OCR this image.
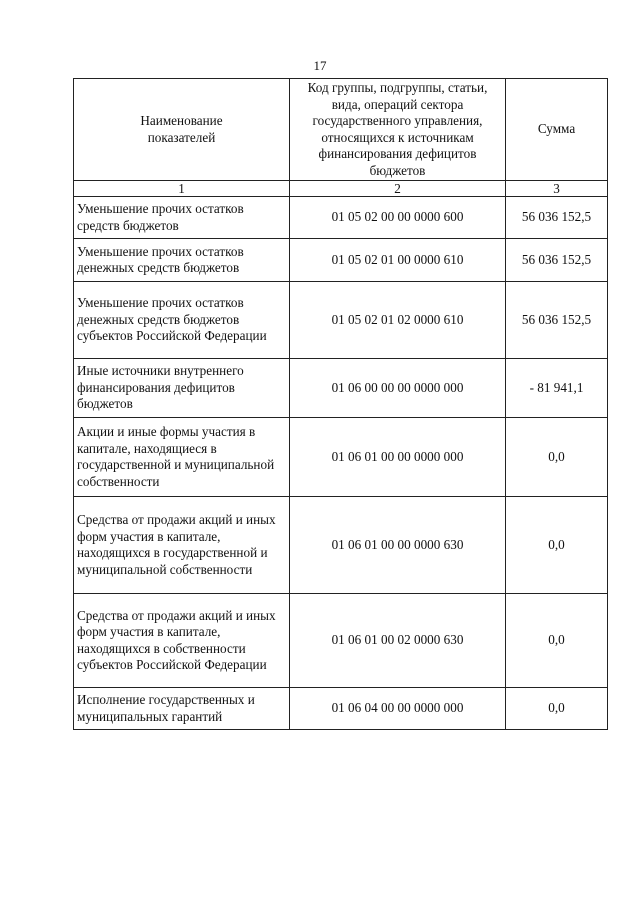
17
Наименование
показателей	Код группы, подгруппы, статьи, вида, операций сектора государственного управления, относящихся к источникам финансирования дефицитов бюджетов	Сумма
1	2	3
Уменьшение прочих остатков средств бюджетов	01 05 02 00 00 0000 600	56 036 152,5
Уменьшение прочих остатков денежных средств бюджетов	01 05 02 01 00 0000 610	56 036 152,5
Уменьшение прочих остатков денежных средств бюджетов субъектов Российской Федерации	01 05 02 01 02 0000 610	56 036 152,5
Иные источники внутреннего финансирования дефицитов бюджетов	01 06 00 00 00 0000 000	- 81 941,1
Акции и иные формы участия в капитале, находящиеся в государственной и муниципальной собственности	01 06 01 00 00 0000 000	0,0
Средства от продажи акций и иных форм участия в капитале, находящихся в государственной и муниципальной собственности	01 06 01 00 00 0000 630	0,0
Средства от продажи акций и иных форм участия в капитале, находящихся в собственности субъектов Российской Федерации	01 06 01 00 02 0000 630	0,0
Исполнение государственных и муниципальных гарантий	01 06 04 00 00 0000 000	0,0
